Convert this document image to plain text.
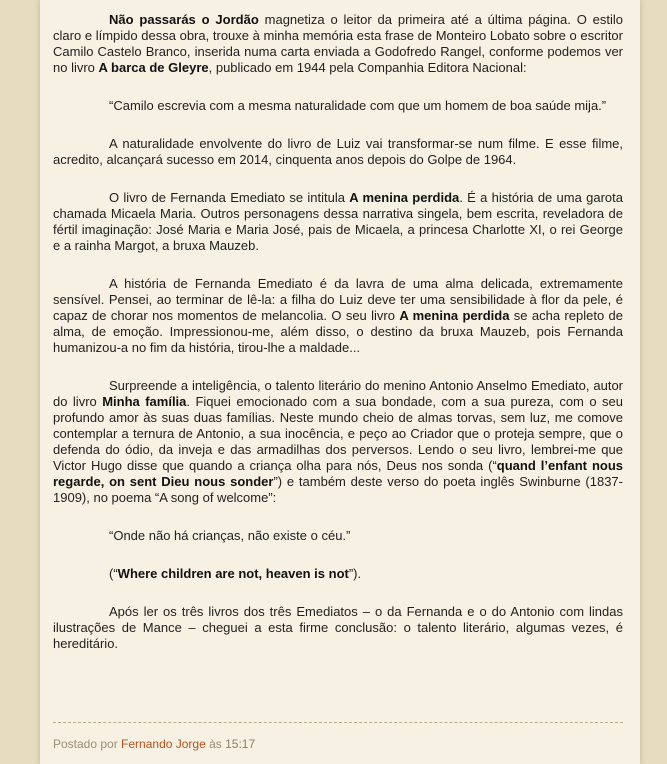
Não passarás o Jordão magnetiza o leitor da primeira até a última página. O estilo claro e límpido dessa obra, trouxe à minha memória esta frase de Monteiro Lobato sobre o escritor Camilo Castelo Branco, inserida numa carta enviada a Godofredo Rangel, conforme podemos ver no livro A barca de Gleyre, publicado em 1944 pela Companhia Editora Nacional:

“Camilo escrevia com a mesma naturalidade com que um homem de boa saúde mija.”

A naturalidade envolvente do livro de Luiz vai transformar-se num filme. E esse filme, acredito, alcançará sucesso em 2014, cinquenta anos depois do Golpe de 1964.

O livro de Fernanda Emediato se intitula A menina perdida. É a história de uma garota chamada Micaela Maria. Outros personagens dessa narrativa singela, bem escrita, reveladora de fértil imaginação: José Maria e Maria José, pais de Micaela, a princesa Charlotte XI, o rei George e a rainha Margot, a bruxa Mauzeb.

A história de Fernanda Emediato é da lavra de uma alma delicada, extremamente sensível. Pensei, ao terminar de lê-la: a filha do Luiz deve ter uma sensibilidade à flor da pele, é capaz de chorar nos momentos de melancolia. O seu livro A menina perdida se acha repleto de alma, de emoção. Impressionou-me, além disso, o destino da bruxa Mauzeb, pois Fernanda humanizou-a no fim da história, tirou-lhe a maldade...

Surpreende a inteligência, o talento literário do menino Antonio Anselmo Emediato, autor do livro Minha família. Fiquei emocionado com a sua bondade, com a sua pureza, com o seu profundo amor às suas duas famílias. Neste mundo cheio de almas torvas, sem luz, me comove contemplar a ternura de Antonio, a sua inocência, e peço ao Criador que o proteja sempre, que o defenda do ódio, da inveja e das armadilhas dos perversos. Lendo o seu livro, lembrei-me que Victor Hugo disse que quando a criança olha para nós, Deus nos sonda (“quand l’enfant nous regarde, on sent Dieu nous sonder”) e também deste verso do poeta inglês Swinburne (1837-1909), no poema “A song of welcome”:

“Onde não há crianças, não existe o céu.”

(“Where children are not, heaven is not”).

Após ler os três livros dos três Emediatos – o da Fernanda e o do Antonio com lindas ilustrações de Mance – cheguei a esta firme conclusão: o talento literário, algumas vezes, é hereditário.

Postado por Fernando Jorge às 15:17
